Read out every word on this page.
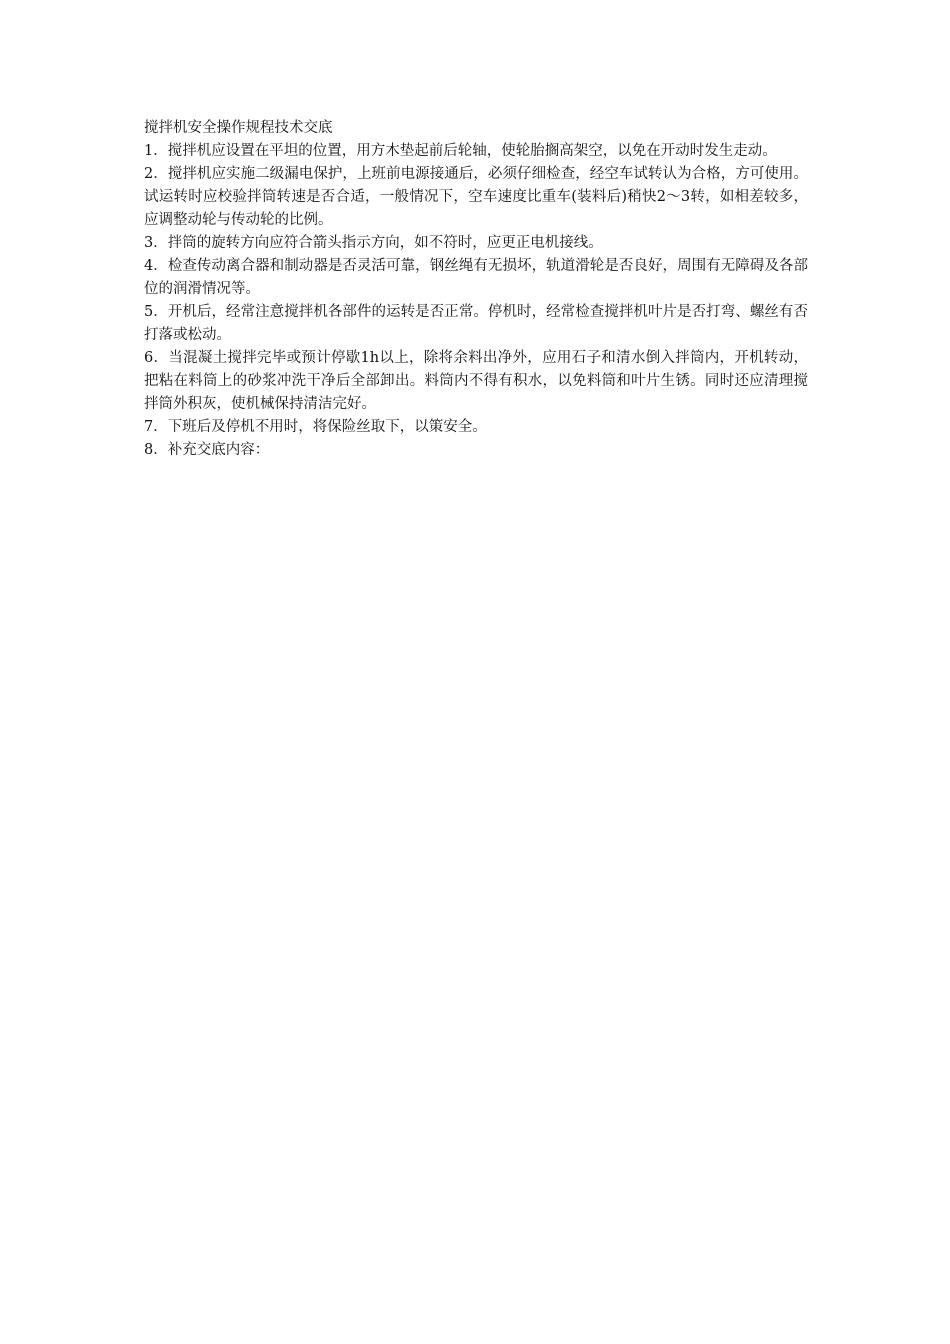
搅拌机安全操作规程技术交底
1．搅拌机应设置在平坦的位置，用方木垫起前后轮轴，使轮胎搁高架空，以免在开动时发生走动。
2．搅拌机应实施二级漏电保护，上班前电源接通后，必须仔细检查，经空车试转认为合格，方可使用。试运转时应校验拌筒转速是否合适，一般情况下，空车速度比重车(装料后)稍快2～3转，如相差较多，应调整动轮与传动轮的比例。
3．拌筒的旋转方向应符合箭头指示方向，如不符时，应更正电机接线。
4．检查传动离合器和制动器是否灵活可靠，钢丝绳有无损坏，轨道滑轮是否良好，周围有无障碍及各部位的润滑情况等。
5．开机后，经常注意搅拌机各部件的运转是否正常。停机时，经常检查搅拌机叶片是否打弯、螺丝有否打落或松动。
6．当混凝土搅拌完毕或预计停歇1h以上，除将余料出净外，应用石子和清水倒入拌筒内，开机转动，把粘在料筒上的砂浆冲洗干净后全部卸出。料筒内不得有积水，以免料筒和叶片生锈。同时还应清理搅拌筒外积灰，使机械保持清洁完好。
7．下班后及停机不用时，将保险丝取下，以策安全。
8．补充交底内容：
